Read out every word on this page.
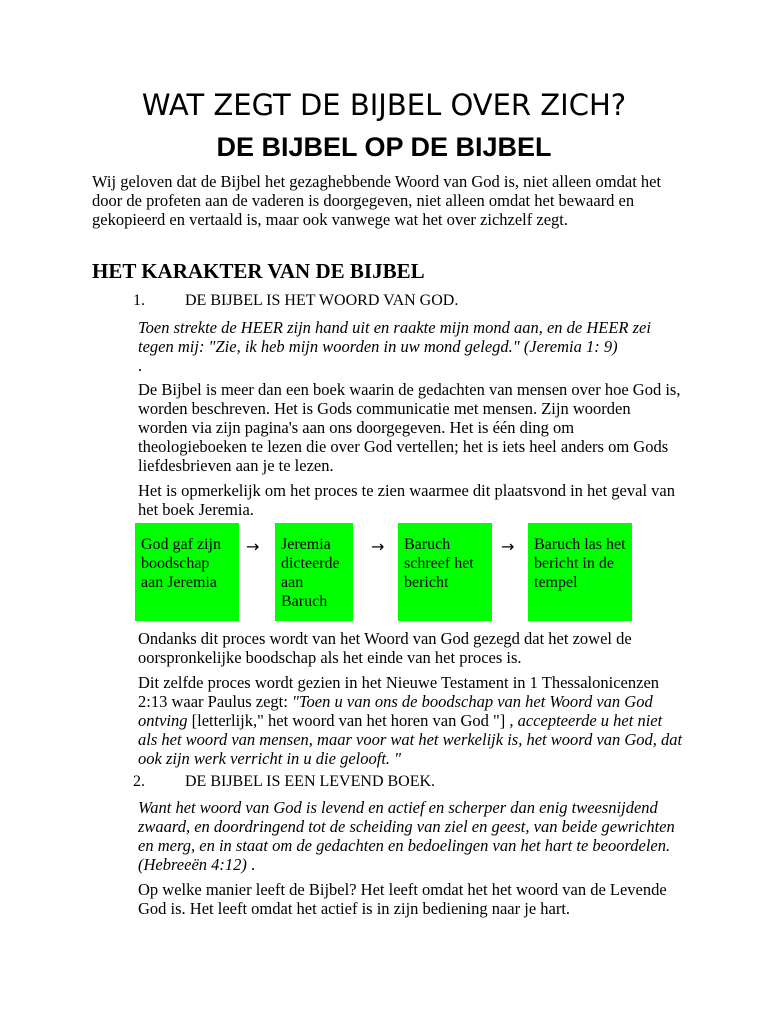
WAT ZEGT DE BIJBEL OVER ZICH?
DE BIJBEL OP DE BIJBEL

Wij geloven dat de Bijbel het gezaghebbende Woord van God is, niet alleen omdat het door de profeten aan de vaderen is doorgegeven, niet alleen omdat het bewaard en gekopieerd en vertaald is, maar ook vanwege wat het over zichzelf zegt.

HET KARAKTER VAN DE BIJBEL
1.	DE BIJBEL IS HET WOORD VAN GOD.

Toen strekte de HEER zijn hand uit en raakte mijn mond aan, en de HEER zei tegen mij: "Zie, ik heb mijn woorden in uw mond gelegd." (Jeremia 1: 9)
.

De Bijbel is meer dan een boek waarin de gedachten van mensen over hoe God is, worden beschreven. Het is Gods communicatie met mensen. Zijn woorden worden via zijn pagina's aan ons doorgegeven. Het is één ding om theologieboeken te lezen die over God vertellen; het is iets heel anders om Gods liefdesbrieven aan je te lezen.

Het is opmerkelijk om het proces te zien waarmee dit plaatsvond in het geval van het boek Jeremia.

God gaf zijn boodschap aan Jeremia
→	Jeremia dicteerde aan Baruch
→	Baruch schreef het bericht
→	Baruch las het bericht in de tempel

Ondanks dit proces wordt van het Woord van God gezegd dat het zowel de oorspronkelijke boodschap als het einde van het proces is.

Dit zelfde proces wordt gezien in het Nieuwe Testament in 1 Thessalonicenzen 2:13 waar Paulus zegt: "Toen u van ons de boodschap van het Woord van God ontving [letterlijk," het woord van het horen van God "] , accepteerde u het niet als het woord van mensen, maar voor wat het werkelijk is, het woord van God, dat ook zijn werk verricht in u die gelooft. "

2.	DE BIJBEL IS EEN LEVEND BOEK.

Want het woord van God is levend en actief en scherper dan enig tweesnijdend zwaard, en doordringend tot de scheiding van ziel en geest, van beide gewrichten en merg, en in staat om de gedachten en bedoelingen van het hart te beoordelen. (Hebreeën 4:12) .

Op welke manier leeft de Bijbel? Het leeft omdat het het woord van de Levende God is. Het leeft omdat het actief is in zijn bediening naar je hart.
